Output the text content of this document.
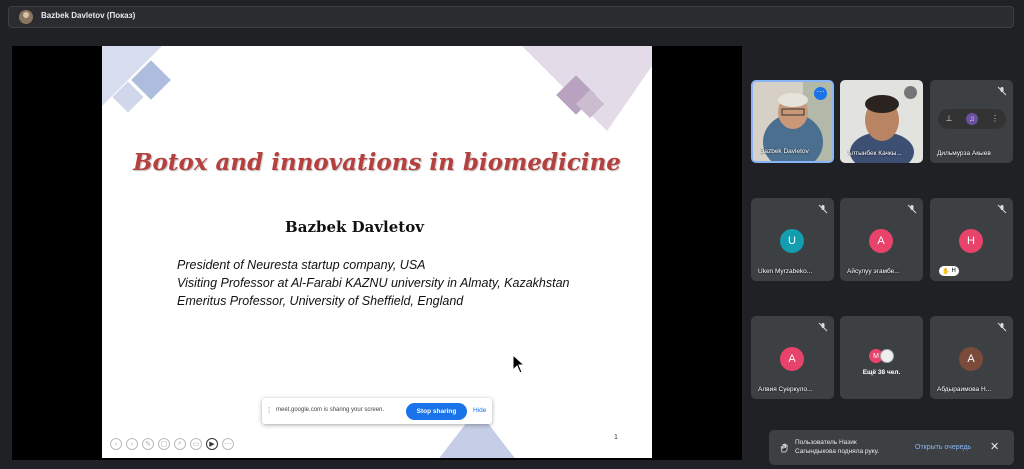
Bazbek Davletov (Показ)
Botox and innovations in biomedicine
Bazbek Davletov
President of Neuresta startup company, USA
Visiting Professor at Al-Farabi KAZNU university in Almaty, Kazakhstan
Emeritus Professor, University of Sheffield, England
1
‹	›	✎	▢	⌕	▭	▶	⋯
⁞ meet.google.com is sharing your screen.	Stop sharing	Hide
···
Bazbek Davletov	Алтынбек Качкы...
⊥	♫	⋮
Дильмурза Акыев
U
Uken Myrzabeko...
A
Айсулуу эгамбе...
H
✋ H
A
Алвия Суеркуло...
M
Ещё 38 чел.
A
Абдыраимова Н...
Пользователь Назик
Сагындыкова подняла руку.
Открыть очередь ✕
